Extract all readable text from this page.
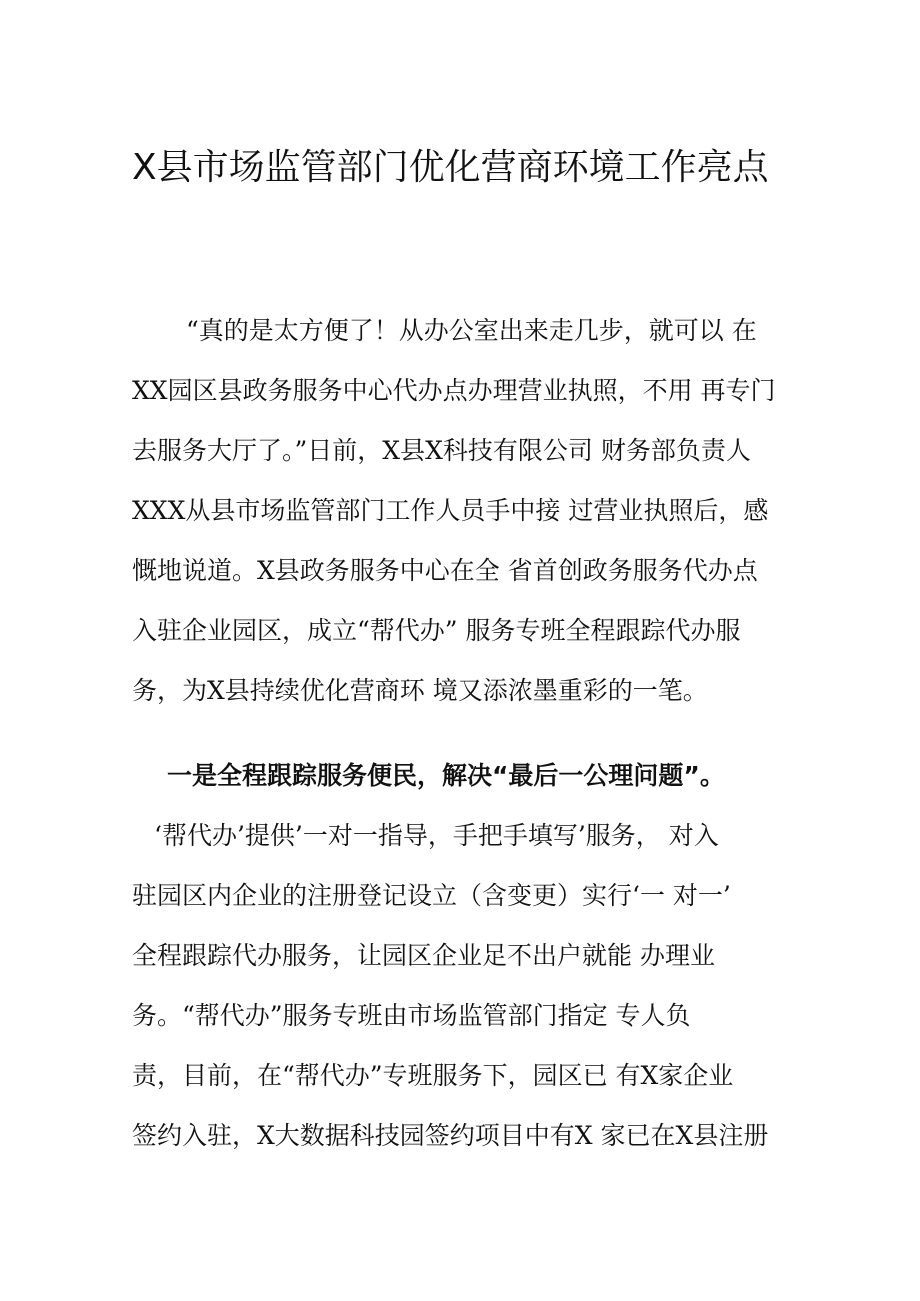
X县市场监管部门优化营商环境工作亮点
“真的是太方便了！从办公室出来走几步，就可以 在
XX园区县政务服务中心代办点办理营业执照，不用 再专门
去服务大厅了。”日前，X县X科技有限公司 财务部负责人
XXX从县市场监管部门工作人员手中接 过营业执照后，感
慨地说道。X县政务服务中心在全 省首创政务服务代办点
入驻企业园区，成立“帮代办” 服务专班全程跟踪代办服
务，为X县持续优化营商环 境又添浓墨重彩的一笔。
一是全程跟踪服务便民，解决“最后一公理问题”。
‘帮代办’提供’一对一指导，手把手填写’服务， 对入
驻园区内企业的注册登记设立（含变更）实行‘一 对一’
全程跟踪代办服务，让园区企业足不出户就能 办理业
务。“帮代办”服务专班由市场监管部门指定 专人负
责，目前，在“帮代办”专班服务下，园区已 有X家企业
签约入驻，X大数据科技园签约项目中有X 家已在X县注册
